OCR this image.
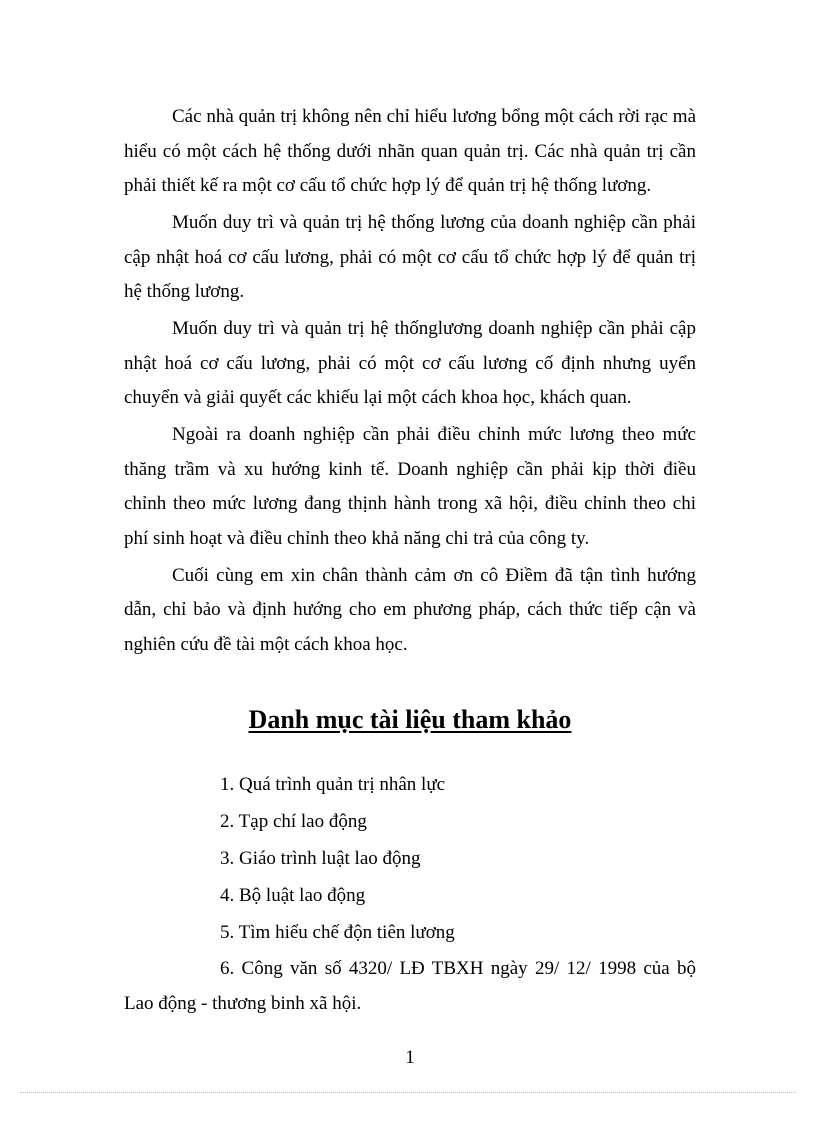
Các nhà quản trị không nên chỉ hiểu lương bổng một cách rời rạc mà hiểu có một cách hệ thống dưới nhãn quan quản trị. Các nhà quản trị cần phải thiết kế ra một cơ cấu tổ chức hợp lý để quản trị hệ thống lương.

Muốn duy trì và quản trị hệ thống lương của doanh nghiệp cần phải cập nhật hoá cơ cấu lương, phải có một cơ cấu tổ chức hợp lý để quản trị hệ thống lương.

Muốn duy trì và quản trị hệ thốnglương doanh nghiệp cần phải cập nhật hoá cơ cấu lương, phải có một cơ cấu lương cố định nhưng uyển chuyển và giải quyết các khiếu lại một cách khoa học, khách quan.

Ngoài ra doanh nghiệp cần phải điều chỉnh mức lương theo mức thăng trầm và xu hướng kinh tế. Doanh nghiệp cần phải kịp thời điều chỉnh theo mức lương đang thịnh hành trong xã hội, điều chỉnh theo chi phí sinh hoạt và điều chỉnh theo khả năng chi trả của công ty.

Cuối cùng em xin chân thành cảm ơn cô Điềm đã tận tình hướng dẫn, chỉ bảo và định hướng cho em phương pháp, cách thức tiếp cận và nghiên cứu đề tài một cách khoa học.

Danh mục tài liệu tham khảo
1. Quá trình quản trị nhân lực
2. Tạp chí lao động
3. Giáo trình luật lao động
4. Bộ luật lao động
5. Tìm hiểu chế độn tiên lương
6. Công văn số 4320/ LĐ TBXH ngày 29/ 12/ 1998 của bộ Lao động - thương binh xã hội.
1
